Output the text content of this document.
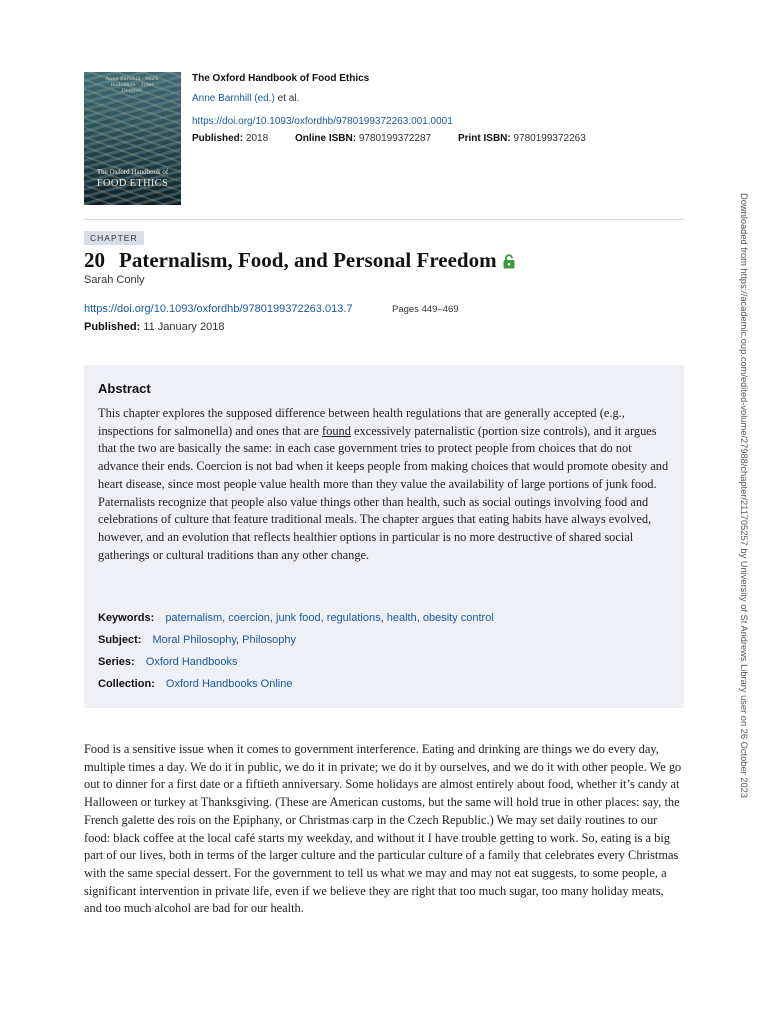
Anne Barnhill · Mark Budolfson · Tyler Doggett
The Oxford Handbook of
FOOD ETHICS
The Oxford Handbook of Food Ethics
Anne Barnhill (ed.) et al.
https://doi.org/10.1093/oxfordhb/9780199372263.001.0001
Published: 2018	Online ISBN: 9780199372287	Print ISBN: 9780199372263
CHAPTER
20 Paternalism, Food, and Personal Freedom
Sarah Conly
https://doi.org/10.1093/oxfordhb/9780199372263.013.7	Pages 449–469
Published: 11 January 2018
Abstract
This chapter explores the supposed difference between health regulations that are generally accepted (e.g., inspections for salmonella) and ones that are found excessively paternalistic (portion size controls), and it argues that the two are basically the same: in each case government tries to protect people from choices that do not advance their ends. Coercion is not bad when it keeps people from making choices that would promote obesity and heart disease, since most people value health more than they value the availability of large portions of junk food. Paternalists recognize that people also value things other than health, such as social outings involving food and celebrations of culture that feature traditional meals. The chapter argues that eating habits have always evolved, however, and an evolution that reflects healthier options in particular is no more destructive of shared social gatherings or cultural traditions than any other change.
Keywords: paternalism, coercion, junk food, regulations, health, obesity control
Subject: Moral Philosophy, Philosophy
Series: Oxford Handbooks
Collection: Oxford Handbooks Online
Food is a sensitive issue when it comes to government interference. Eating and drinking are things we do every day, multiple times a day. We do it in public, we do it in private; we do it by ourselves, and we do it with other people. We go out to dinner for a first date or a fiftieth anniversary. Some holidays are almost entirely about food, whether it’s candy at Halloween or turkey at Thanksgiving. (These are American customs, but the same will hold true in other places: say, the French galette des rois on the Epiphany, or Christmas carp in the Czech Republic.) We may set daily routines to our food: black coffee at the local café starts my weekday, and without it I have trouble getting to work. So, eating is a big part of our lives, both in terms of the larger culture and the particular culture of a family that celebrates every Christmas with the same special dessert. For the government to tell us what we may and may not eat suggests, to some people, a significant intervention in private life, even if we believe they are right that too much sugar, too many holiday meats, and too much alcohol are bad for our health.
Downloaded from https://academic.oup.com/edited-volume/27988/chapter/211705257 by University of St Andrews Library user on 26 October 2023
